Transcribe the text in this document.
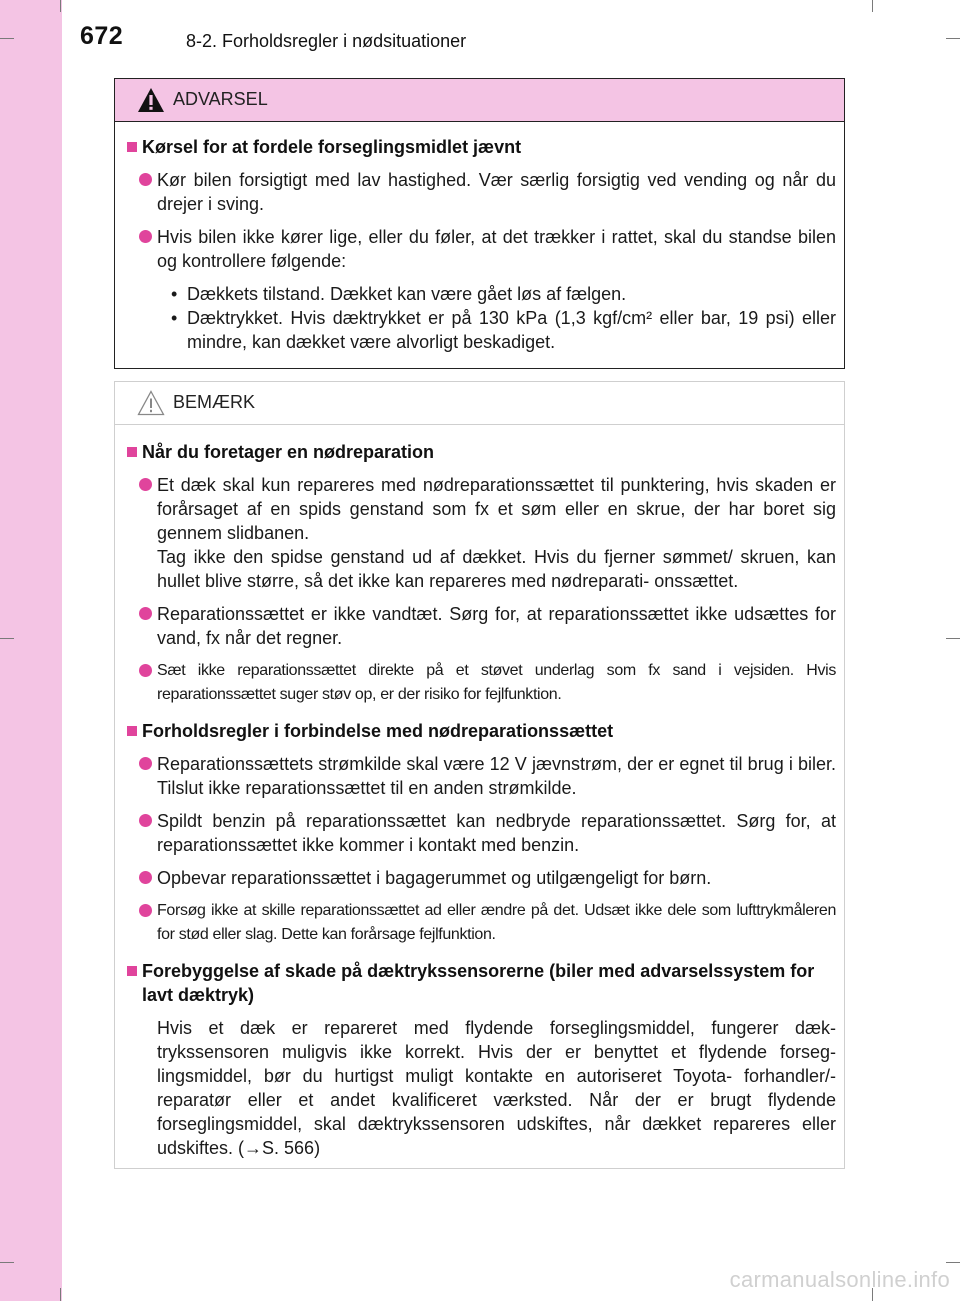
672	8-2. Forholdsregler i nødsituationer
ADVARSEL
Kørsel for at fordele forseglingsmidlet jævnt
Kør bilen forsigtigt med lav hastighed. Vær særlig forsigtig ved vending og når du drejer i sving.
Hvis bilen ikke kører lige, eller du føler, at det trækker i rattet, skal du standse bilen og kontrollere følgende:
• Dækkets tilstand. Dækket kan være gået løs af fælgen.
• Dæktrykket. Hvis dæktrykket er på 130 kPa (1,3 kgf/cm² eller bar, 19 psi) eller mindre, kan dækket være alvorligt beskadiget.
BEMÆRK
Når du foretager en nødreparation
Et dæk skal kun repareres med nødreparationssættet til punktering, hvis skaden er forårsaget af en spids genstand som fx et søm eller en skrue, der har boret sig gennem slidbanen.
Tag ikke den spidse genstand ud af dækket. Hvis du fjerner sømmet/ skruen, kan hullet blive større, så det ikke kan repareres med nødreparati- onssættet.
Reparationssættet er ikke vandtæt. Sørg for, at reparationssættet ikke udsættes for vand, fx når det regner.
Sæt ikke reparationssættet direkte på et støvet underlag som fx sand i vejsiden. Hvis reparationssættet suger støv op, er der risiko for fejlfunktion.
Forholdsregler i forbindelse med nødreparationssættet
Reparationssættets strømkilde skal være 12 V jævnstrøm, der er egnet til brug i biler. Tilslut ikke reparationssættet til en anden strømkilde.
Spildt benzin på reparationssættet kan nedbryde reparationssættet. Sørg for, at reparationssættet ikke kommer i kontakt med benzin.
Opbevar reparationssættet i bagagerummet og utilgængeligt for børn.
Forsøg ikke at skille reparationssættet ad eller ændre på det. Udsæt ikke dele som lufttrykmåleren for stød eller slag. Dette kan forårsage fejlfunktion.
Forebyggelse af skade på dæktrykssensorerne (biler med advarselssystem for lavt dæktryk)
Hvis et dæk er repareret med flydende forseglingsmiddel, fungerer dæk- trykssensoren muligvis ikke korrekt. Hvis der er benyttet et flydende forseg- lingsmiddel, bør du hurtigst muligt kontakte en autoriseret Toyota- forhandler/-reparatør eller et andet kvalificeret værksted. Når der er brugt flydende forseglingsmiddel, skal dæktrykssensoren udskiftes, når dækket repareres eller udskiftes. (→S. 566)
carmanualsonline.info
